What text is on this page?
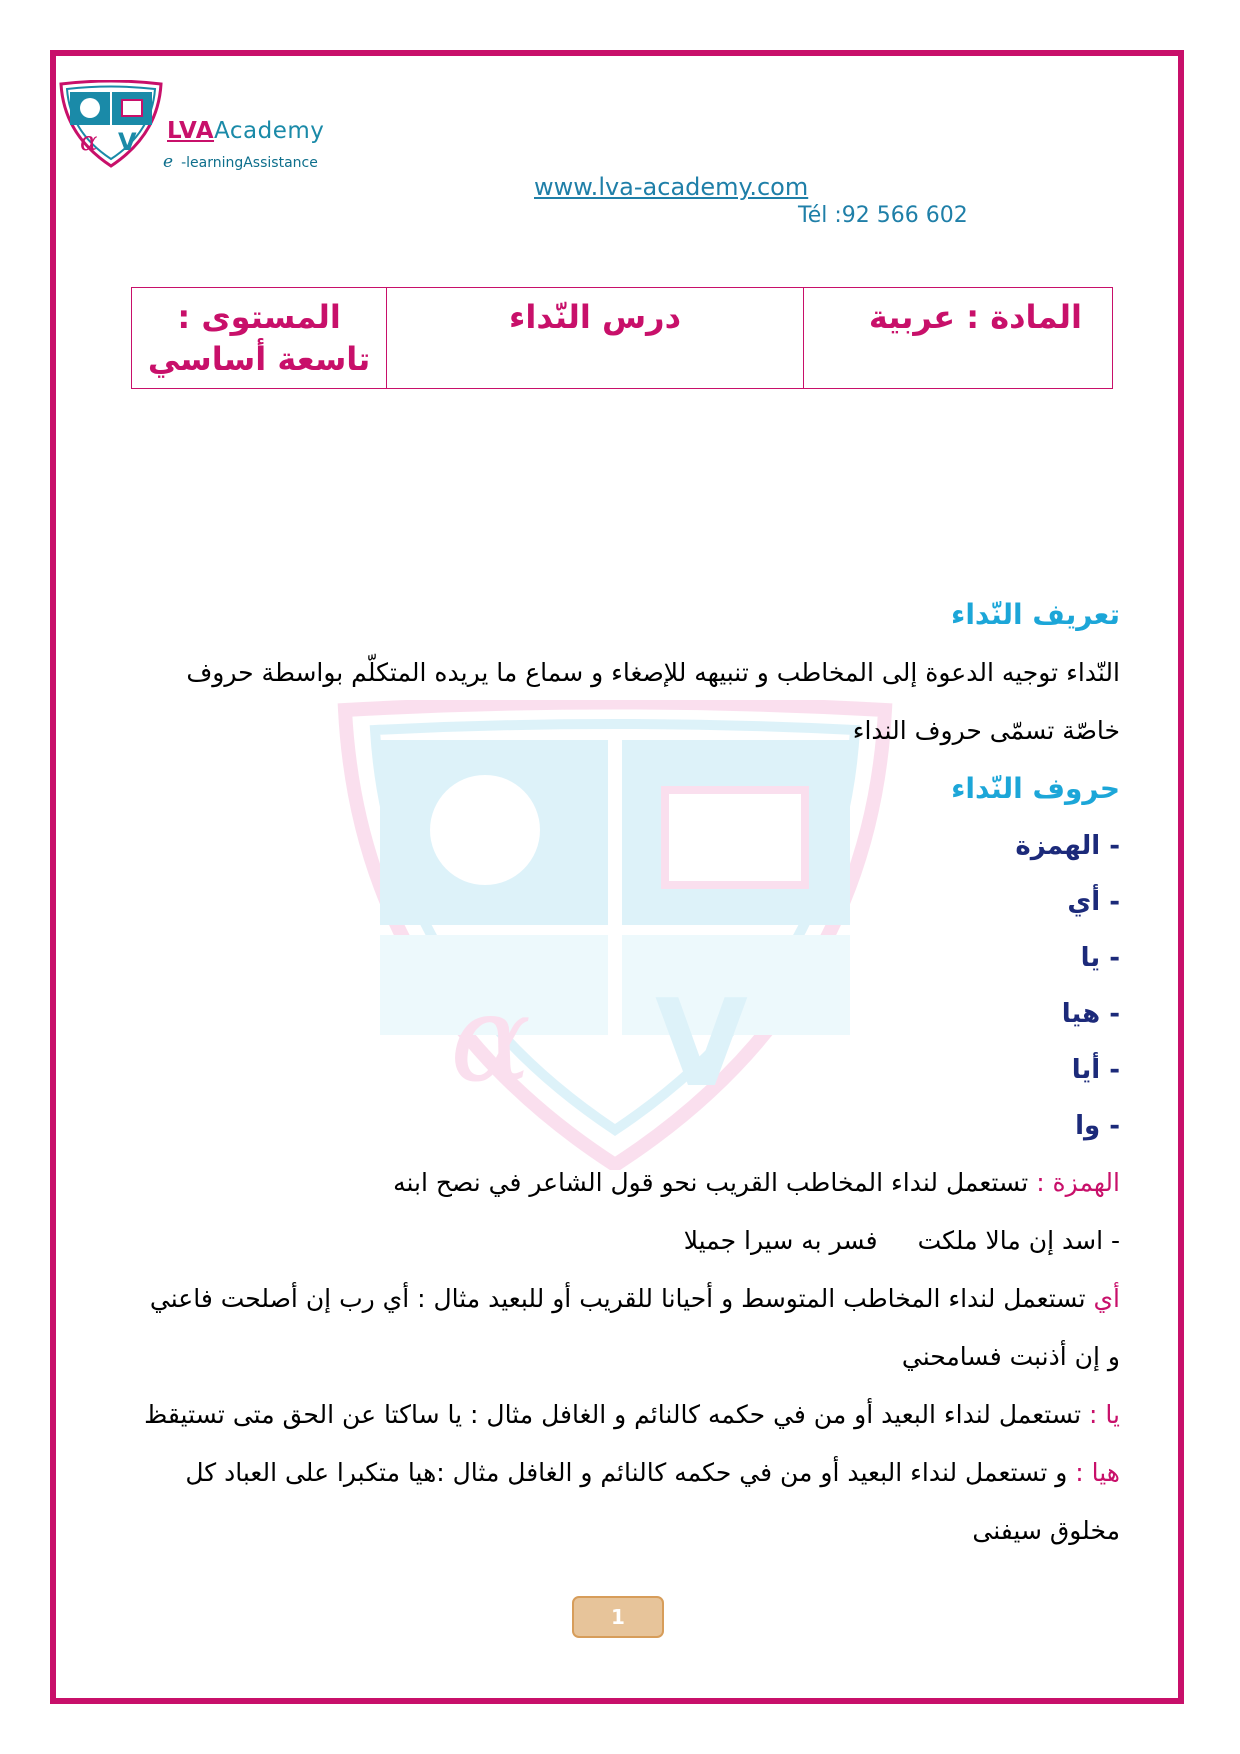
α V LVAAcademy
e -learningAssistance
www.lva-academy.com
Tél :92 566 602
المادة : عربية	درس النّداء	المستوى : تاسعة أساسي
α V
تعريف النّداء
النّداء توجيه الدعوة إلى المخاطب و تنبيهه للإصغاء و سماع ما يريده المتكلّم بواسطة حروف
خاصّة تسمّى حروف النداء
حروف النّداء
- الهمزة
- أي
- يا
- هيا
- أيا
- وا
الهمزة : تستعمل لنداء المخاطب القريب نحو قول الشاعر في نصح ابنه
- اسد إن مالا ملكتفسر به سيرا جميلا
أي تستعمل لنداء المخاطب المتوسط و أحيانا للقريب أو للبعيد مثال : أي رب إن أصلحت فاعني
و إن أذنبت فسامحني
يا : تستعمل لنداء البعيد أو من في حكمه كالنائم و الغافل مثال : يا ساكتا عن الحق متى تستيقظ
هيا : و تستعمل لنداء البعيد أو من في حكمه كالنائم و الغافل مثال :هيا متكبرا على العباد كل
مخلوق سيفنى
1
